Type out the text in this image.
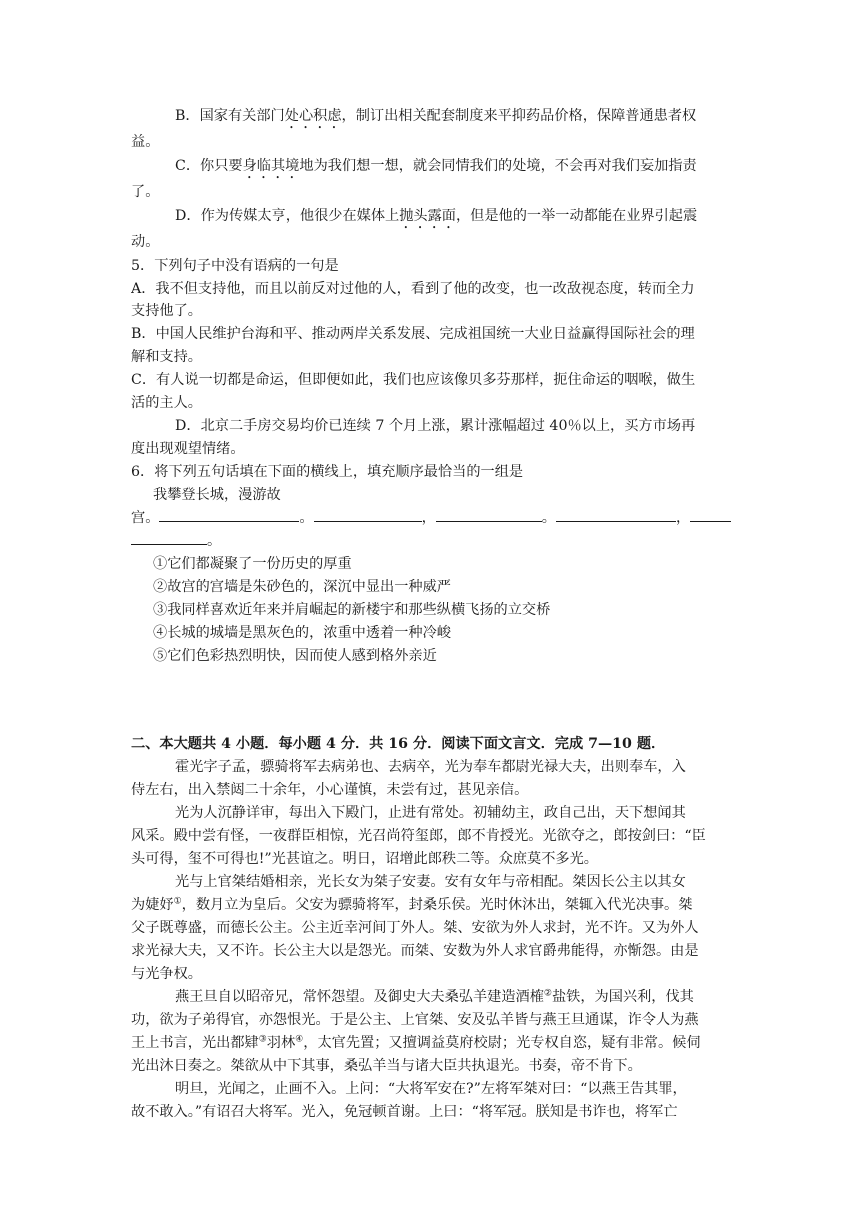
B．国家有关部门处心积虑，制订出相关配套制度来平抑药品价格，保障普通患者权
益。
C．你只要身临其境地为我们想一想，就会同情我们的处境，不会再对我们妄加指责
了。
D．作为传媒太亨，他很少在媒体上抛头露面，但是他的一举一动都能在业界引起震
动。
5．下列句子中没有语病的一句是
A．我不但支持他，而且以前反对过他的人，看到了他的改变，也一改敌视态度，转而全力
支持他了。
B．中国人民维护台海和平、推动两岸关系发展、完成祖国统一大业日益赢得国际社会的理
解和支持。
C．有人说一切都是命运，但即便如此，我们也应该像贝多芬那样，扼住命运的咽喉，做生
活的主人。
D．北京二手房交易均价已连续 7 个月上涨，累计涨幅超过 40％以上，买方市场再
度出现观望情绪。
6．将下列五句话填在下面的横线上，填充顺序最恰当的一组是
我攀登长城，漫游故
宫。	。	，	。	，
。
①它们都凝聚了一份历史的厚重
②故宫的宫墙是朱砂色的，深沉中显出一种威严
③我同样喜欢近年来并肩崛起的新楼宇和那些纵横飞扬的立交桥
④长城的城墙是黑灰色的，浓重中透着一种冷峻
⑤它们色彩热烈明快，因而使人感到格外亲近
二、本大题共 4 小题．每小题 4 分．共 16 分．阅读下面文言文．完成 7—10 题．
霍光字子孟，骠骑将军去病弟也、去病卒，光为奉车都尉光禄大夫，出则奉车，入
侍左右，出入禁闼二十余年，小心谨慎，未尝有过，甚见亲信。
光为人沉静详审，每出入下殿门，止进有常处。初辅幼主，政自己出，天下想闻其
风采。殿中尝有怪，一夜群臣相惊，光召尚符玺郎，郎不肯授光。光欲夺之，郎按剑曰：“臣
头可得，玺不可得也!”光甚谊之。明日，诏增此郎秩二等。众庶莫不多光。
光与上官桀结婚相亲，光长女为桀子安妻。安有女年与帝相配。桀因长公主以其女
为婕妤①，数月立为皇后。父安为骠骑将军，封桑乐侯。光时休沐出，桀辄入代光决事。桀
父子既尊盛，而德长公主。公主近幸河间丁外人。桀、安欲为外人求封，光不许。又为外人
求光禄大夫，又不许。长公主大以是怨光。而桀、安数为外人求官爵弗能得，亦惭怨。由是
与光争权。
燕王旦自以昭帝兄，常怀怨望。及御史大夫桑弘羊建造酒榷②盐铁，为国兴利，伐其
功，欲为子弟得官，亦怨恨光。于是公主、上官桀、安及弘羊皆与燕王旦通谋，诈令人为燕
王上书言，光出都肄③羽林④，太官先置；又擅调益莫府校尉；光专权自恣，疑有非常。候伺
光出沐日奏之。桀欲从中下其事，桑弘羊当与诸大臣共执退光。书奏，帝不肯下。
明旦，光闻之，止画不入。上问：“大将军安在?”左将军桀对曰：“以燕王告其罪，
故不敢入。”有诏召大将军。光入，免冠顿首谢。上曰：“将军冠。朕知是书诈也，将军亡
